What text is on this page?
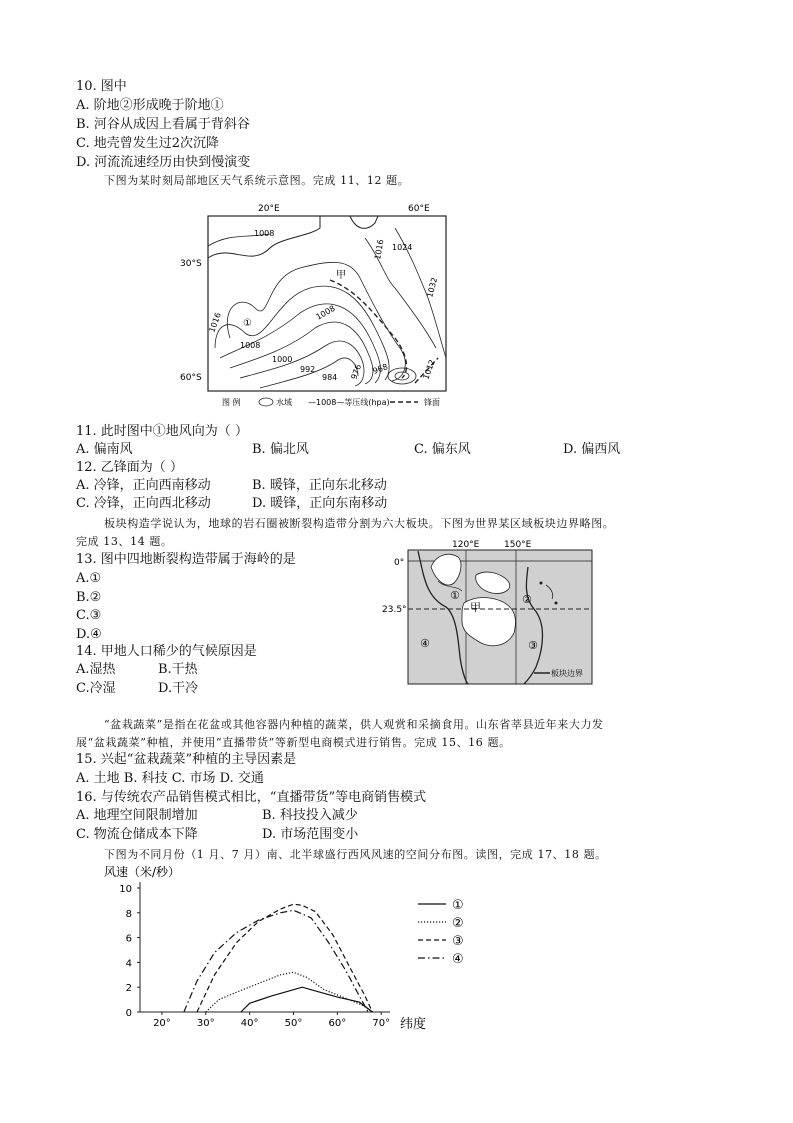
10. 图中
A. 阶地②形成晚于阶地①
B. 河谷从成因上看属于背斜谷
C. 地壳曾发生过2次沉降
D. 河流流速经历由快到慢演变
下图为某时刻局部地区天气系统示意图。完成 11、12 题。
20°E	60°E
30°S
60°S
1008
1016 1024
1032
1008
1016
1008
1000
992
984 976 968	1012
甲
①
图 例	水域 —1008—等压线(hpa)	锋面
11. 此时图中①地风向为（ ）
A. 偏南风	B. 偏北风	C. 偏东风	D. 偏西风
12. 乙锋面为（ ）
A. 冷锋，正向西南移动	B. 暖锋，正向东北移动
C. 冷锋，正向西北移动	D. 暖锋，正向东南移动
板块构造学说认为，地球的岩石圈被断裂构造带分割为六大板块。下图为世界某区域板块边界略图。
完成 13、14 题。
13. 图中四地断裂构造带属于海岭的是
A.①
B.②
C.③
D.④
14. 甲地人口稀少的气候原因是
A.湿热	B.干热
C.冷湿	D.干冷
120°E	150°E
0°
23.5°
①	②
③
④
甲
板块边界
“盆栽蔬菜”是指在花盆或其他容器内种植的蔬菜，供人观赏和采摘食用。山东省莘县近年来大力发
展“盆栽蔬菜”种植，并使用“直播带货”等新型电商模式进行销售。完成 15、16 题。
15. 兴起“盆栽蔬菜”种植的主导因素是
A. 土地 B. 科技 C. 市场 D. 交通
16. 与传统农产品销售模式相比，“直播带货”等电商销售模式
A. 地理空间限制增加	B. 科技投入减少
C. 物流仓储成本下降	D. 市场范围变小
下图为不同月份（1 月、7 月）南、北半球盛行西风风速的空间分布图。读图，完成 17、18 题。
风速（米/秒）
0
2
4
6
8
10
20°	30°	40°	50°	60°	70° 纬度
①
②
③
④
